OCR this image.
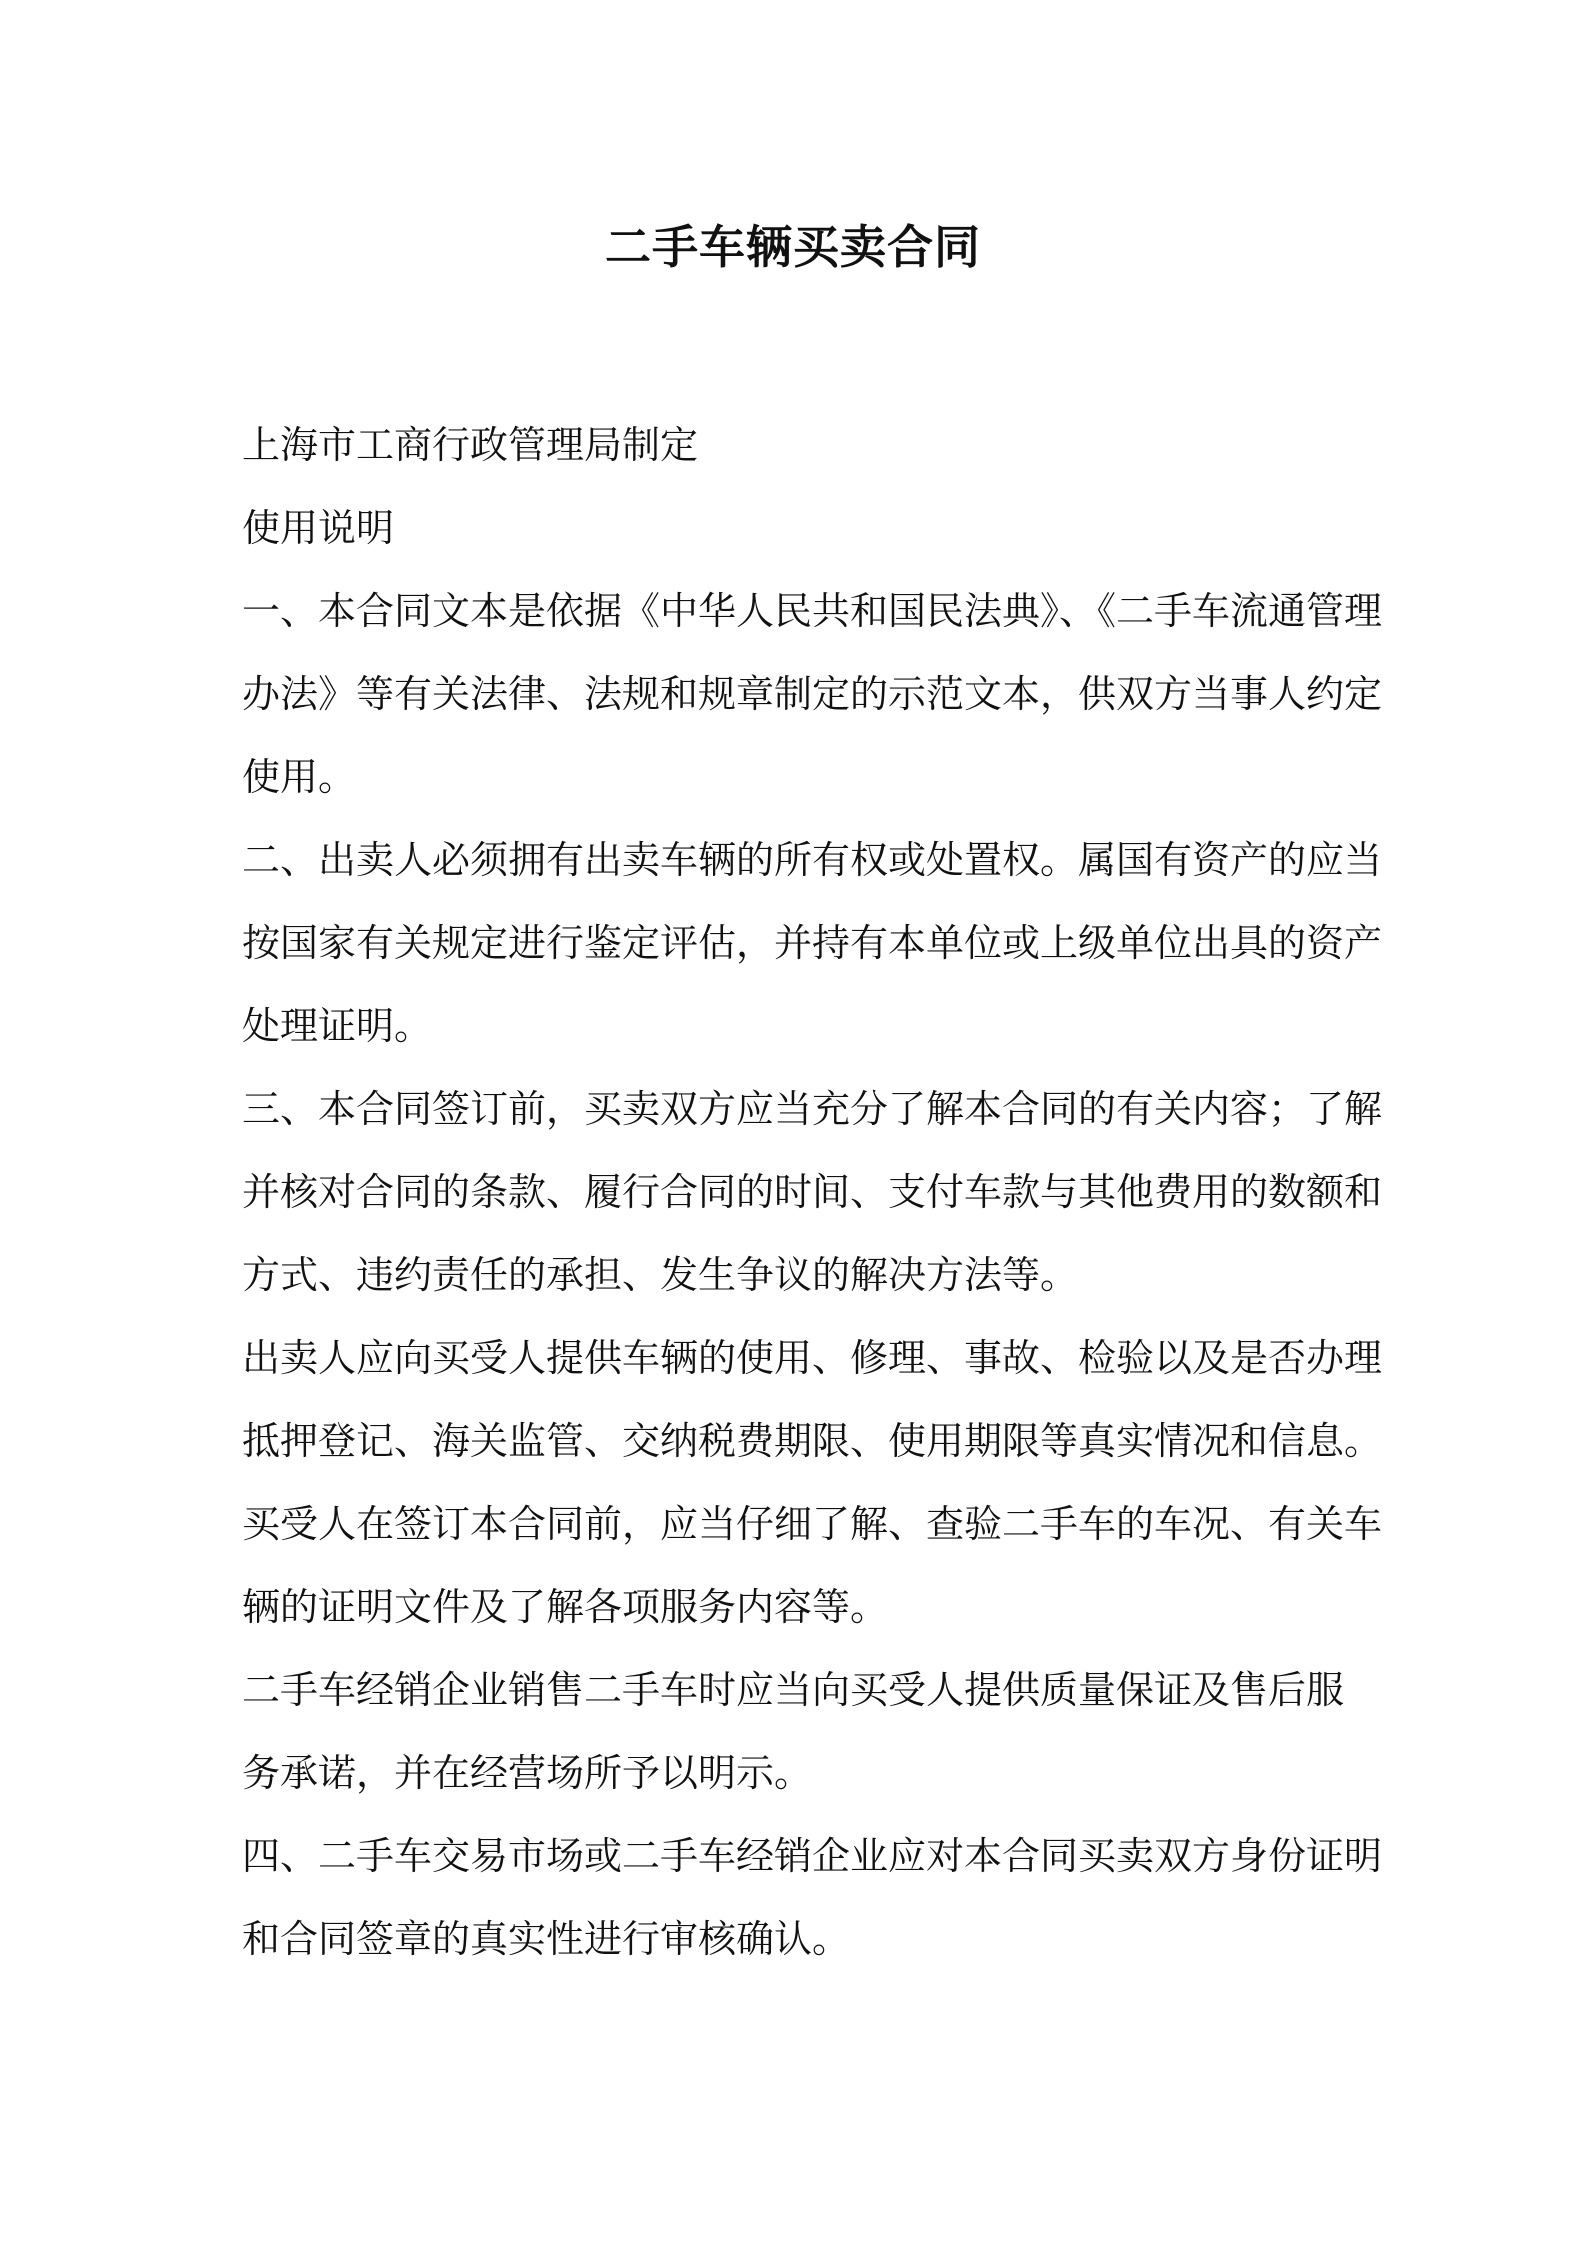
二手车辆买卖合同

上海市工商行政管理局制定

使用说明

一、本合同文本是依据《中华人民共和国民法典》、《二手车流通管理

办法》等有关法律、法规和规章制定的示范文本，供双方当事人约定

使用。

二、出卖人必须拥有出卖车辆的所有权或处置权。属国有资产的应当

按国家有关规定进行鉴定评估，并持有本单位或上级单位出具的资产

处理证明。

三、本合同签订前，买卖双方应当充分了解本合同的有关内容；了解

并核对合同的条款、履行合同的时间、支付车款与其他费用的数额和

方式、违约责任的承担、发生争议的解决方法等。

出卖人应向买受人提供车辆的使用、修理、事故、检验以及是否办理

抵押登记、海关监管、交纳税费期限、使用期限等真实情况和信息。

买受人在签订本合同前，应当仔细了解、查验二手车的车况、有关车

辆的证明文件及了解各项服务内容等。

二手车经销企业销售二手车时应当向买受人提供质量保证及售后服

务承诺，并在经营场所予以明示。

四、二手车交易市场或二手车经销企业应对本合同买卖双方身份证明

和合同签章的真实性进行审核确认。
